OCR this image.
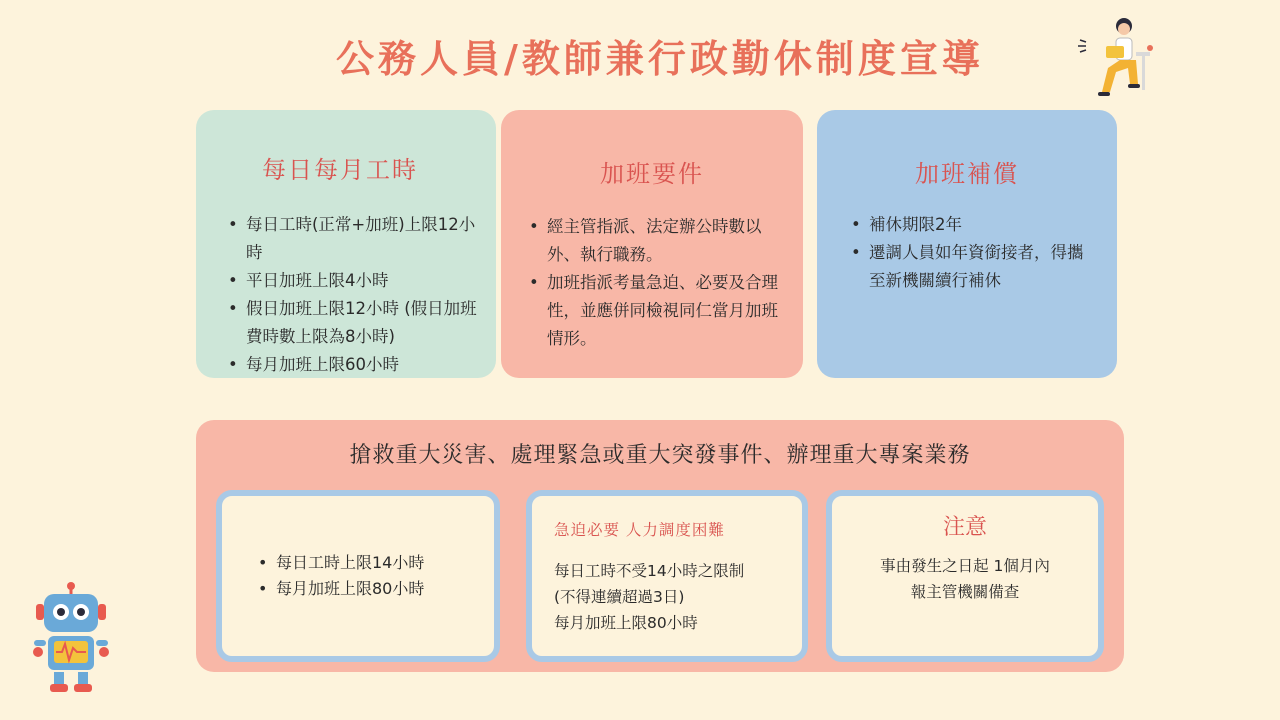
公務人員/教師兼行政勤休制度宣導
每日每月工時
• 每日工時(正常+加班)上限12小時
• 平日加班上限4小時
• 假日加班上限12小時 (假日加班費時數上限為8小時)
• 每月加班上限60小時
加班要件
• 經主管指派、法定辦公時數以外、執行職務。
• 加班指派考量急迫、必要及合理性，並應併同檢視同仁當月加班情形。
加班補償
• 補休期限2年
• 遷調人員如年資銜接者，得攜至新機關續行補休
搶救重大災害、處理緊急或重大突發事件、辦理重大專案業務
• 每日工時上限14小時
• 每月加班上限80小時
急迫必要 人力調度困難
每日工時不受14小時之限制
(不得連續超過3日)
每月加班上限80小時
注意
事由發生之日起 1個月內
報主管機關備查
